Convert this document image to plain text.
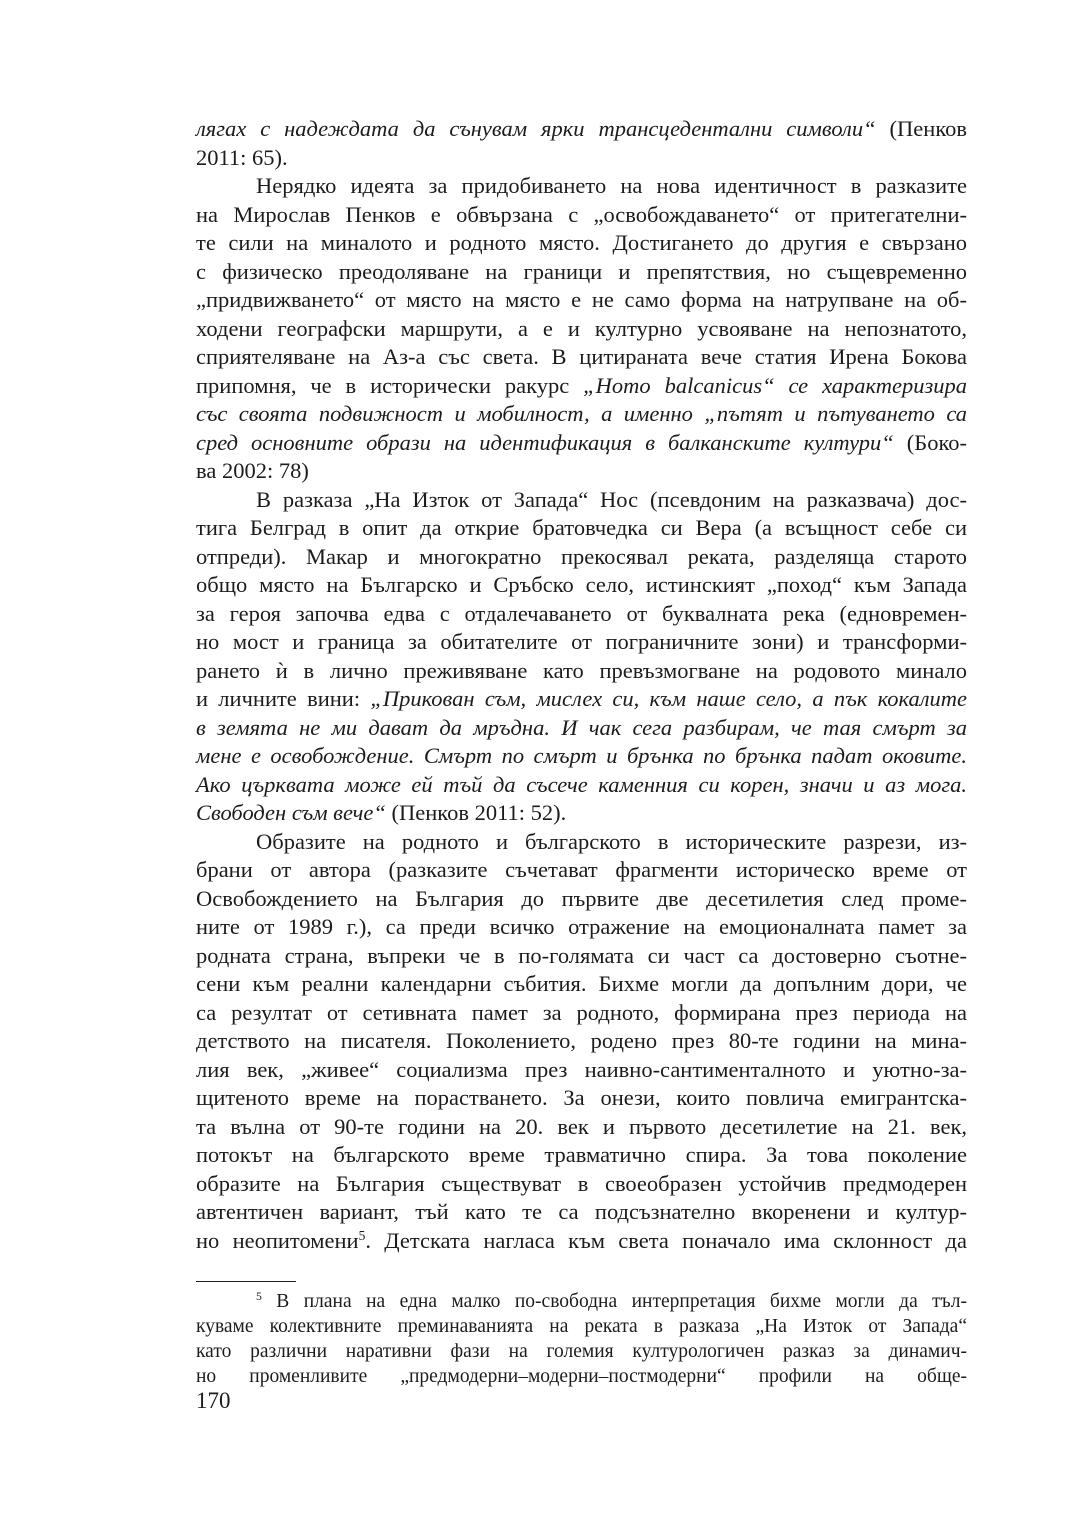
лягах с надеждата да сънувам ярки трансцедентални символи“ (Пенков
2011: 65).
Нерядко идеята за придобиването на нова идентичност в разказите
на Мирослав Пенков е обвързана с „освобождаването“ от притегателни-
те сили на миналото и родното място. Достигането до другия е свързано
с физическо преодоляване на граници и препятствия, но същевременно
„придвижването“ от място на място е не само форма на натрупване на об-
ходени географски маршрути, а е и културно усвояване на непознатото,
сприятеляване на Аз-а със света. В цитираната вече статия Ирена Бокова
припомня, че в исторически ракурс „Homo balcanicus“ се характеризира
със своята подвижност и мобилност, а именно „пътят и пътуването са
сред основните образи на идентификация в балканските култури“ (Боко-
ва 2002: 78)
В разказа „На Изток от Запада“ Нос (псевдоним на разказвача) дос-
тига Белград в опит да открие братовчедка си Вера (а всъщност себе си
отпреди). Макар и многократно прекосявал реката, разделяща старото
общо място на Българско и Сръбско село, истинският „поход“ към Запада
за героя започва едва с отдалечаването от буквалната река (едновремен-
но мост и граница за обитателите от пограничните зони) и трансформи-
рането ѝ в лично преживяване като превъзмогване на родовото минало
и личните вини: „Прикован съм, мислех си, към наше село, а пък кокалите
в земята не ми дават да мръдна. И чак сега разбирам, че тая смърт за
мене е освобождение. Смърт по смърт и брънка по брънка падат оковите.
Ако църквата може ей тъй да съсече каменния си корен, значи и аз мога.
Свободен съм вече“ (Пенков 2011: 52).
Образите на родното и българското в историческите разрези, из-
брани от автора (разказите съчетават фрагменти историческо време от
Освобождението на България до първите две десетилетия след проме-
ните от 1989 г.), са преди всичко отражение на емоционалната памет за
родната страна, въпреки че в по-голямата си част са достоверно съотне-
сени към реални календарни събития. Бихме могли да допълним дори, че
са резултат от сетивната памет за родното, формирана през периода на
детството на писателя. Поколението, родено през 80-те години на мина-
лия век, „живее“ социализма през наивно-сантименталното и уютно-за-
щитеното време на порастването. За онези, които повлича емигрантска-
та вълна от 90-те години на 20. век и първото десетилетие на 21. век,
потокът на българското време травматично спира. За това поколение
образите на България съществуват в своеобразен устойчив предмодерен
автентичен вариант, тъй като те са подсъзнателно вкоренени и култур-
но неопитомени$^5$. Детската нагласа към света поначало има склонност да
$^5$ В плана на една малко по-свободна интерпретация бихме могли да тъл-
куваме колективните преминаванията на реката в разказа „На Изток от Запада“
като различни наративни фази на големия културологичен разказ за динамич-
но променливите „предмодерни–модерни–постмодерни“ профили на обще-
170
